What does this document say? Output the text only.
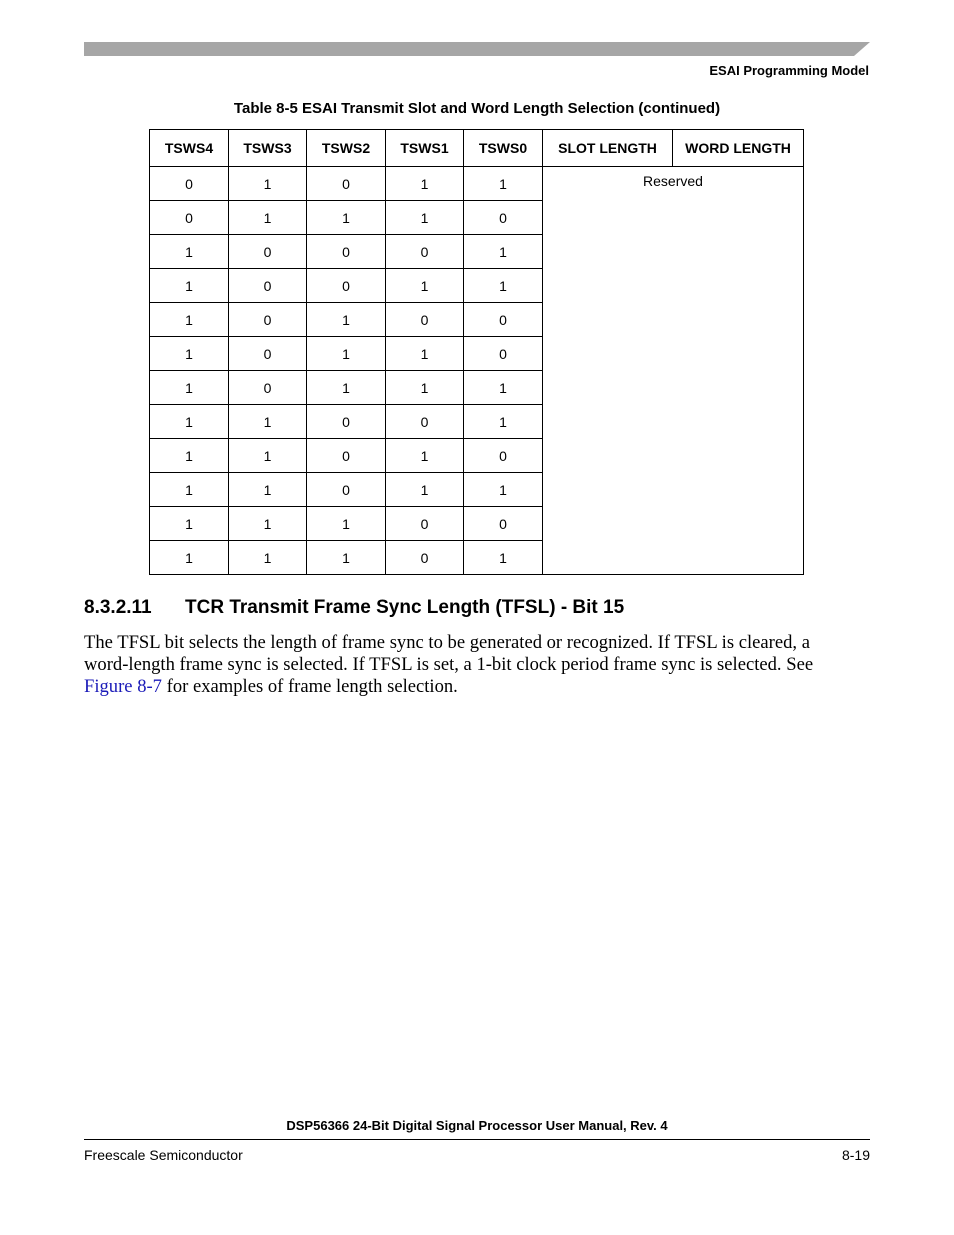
ESAI Programming Model
Table 8-5 ESAI Transmit Slot and Word Length Selection (continued)
TSWS4	TSWS3	TSWS2	TSWS1	TSWS0	SLOT LENGTH	WORD LENGTH
0	1	0	1	1	Reserved	
0	1	1	1	0		
1	0	0	0	1		
1	0	0	1	1		
1	0	1	0	0		
1	0	1	1	0		
1	0	1	1	1		
1	1	0	0	1		
1	1	0	1	0		
1	1	0	1	1		
1	1	1	0	0		
1	1	1	0	1		
8.3.2.11 TCR Transmit Frame Sync Length (TFSL) - Bit 15
The TFSL bit selects the length of frame sync to be generated or recognized. If TFSL is cleared, a word-length frame sync is selected. If TFSL is set, a 1-bit clock period frame sync is selected. See Figure 8-7 for examples of frame length selection.
DSP56366 24-Bit Digital Signal Processor User Manual, Rev. 4
Freescale Semiconductor	8-19
